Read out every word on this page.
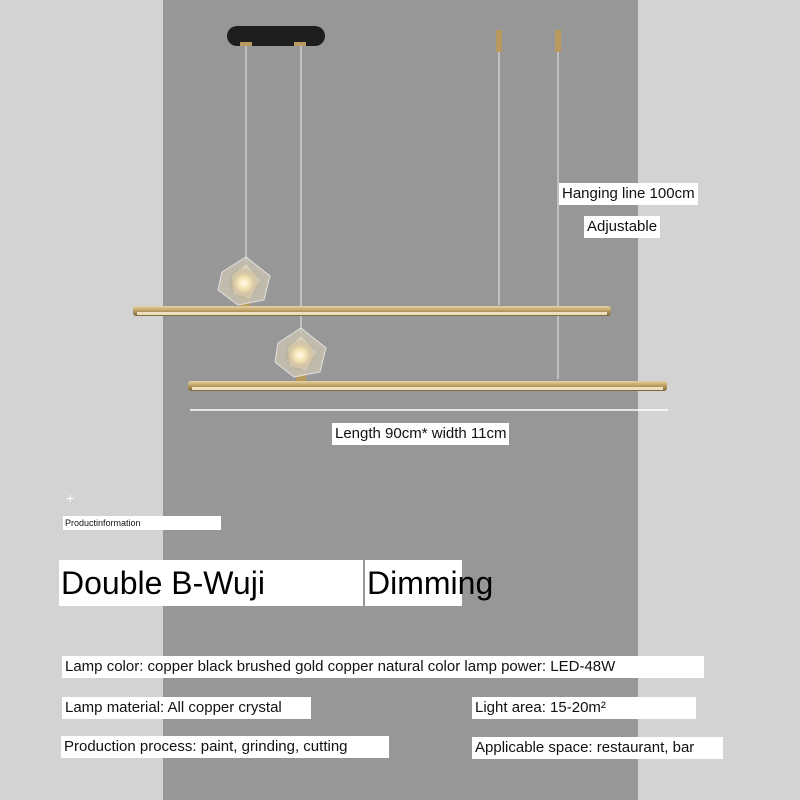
Hanging line 100cm
Adjustable
Length 90cm* width 11cm
+
Productinformation
Double B-Wuji	Dimming
Lamp color: copper black brushed gold copper natural color lamp power: LED-48W
Lamp material: All copper crystal	Light area: 15-20m²
Production process: paint, grinding, cutting	Applicable space: restaurant, bar
